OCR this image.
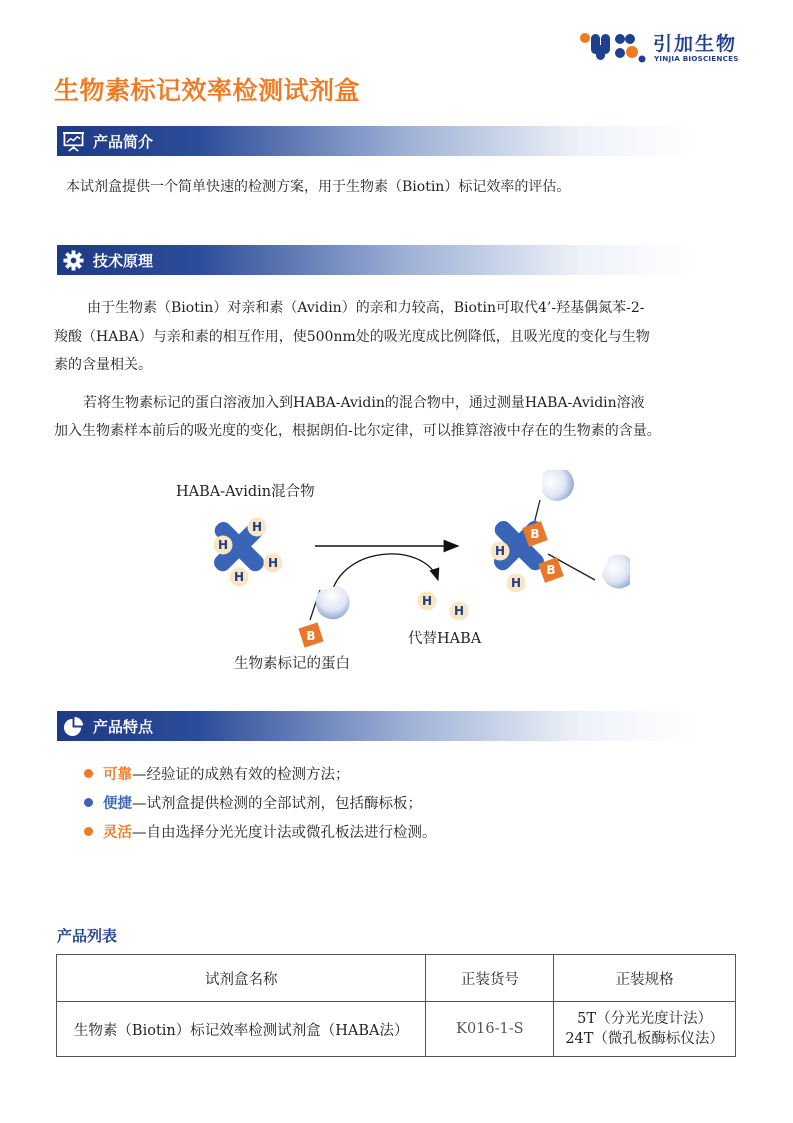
引加生物
YINJIA BIOSCIENCES
生物素标记效率检测试剂盒
产品简介
本试剂盒提供一个简单快速的检测方案，用于生物素（Biotin）标记效率的评估。
技术原理
由于生物素（Biotin）对亲和素（Avidin）的亲和力较高，Biotin可取代4’-羟基偶氮苯-2-
羧酸（HABA）与亲和素的相互作用，使500nm处的吸光度成比例降低，且吸光度的变化与生物
素的含量相关。
若将生物素标记的蛋白溶液加入到HABA-Avidin的混合物中，通过测量HABA-Avidin溶液
加入生物素样本前后的吸光度的变化，根据朗伯-比尔定律，可以推算溶液中存在的生物素的含量。
HABA-Avidin混合物
生物素标记的蛋白
代替HABA
H
H
H
H
B
H
H
B
B
H
H
产品特点
可靠—经验证的成熟有效的检测方法；
便捷—试剂盒提供检测的全部试剂，包括酶标板；
灵活—自由选择分光光度计法或微孔板法进行检测。
产品列表
试剂盒名称	正装货号	正装规格
生物素（Biotin）标记效率检测试剂盒（HABA法）	K016-1-S	5T（分光光度计法）
24T（微孔板酶标仪法）
